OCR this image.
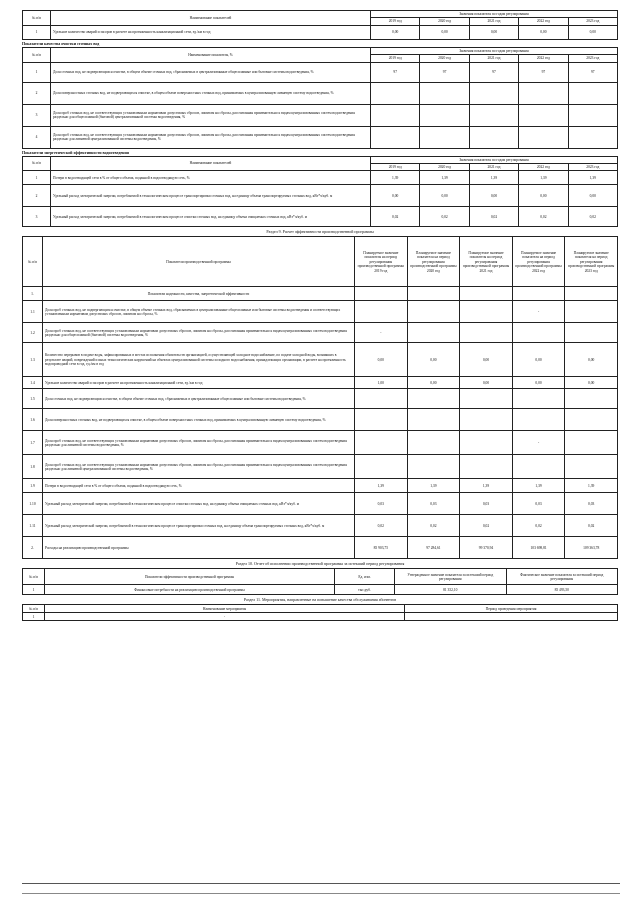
№ п/п	Наименование показателей	Значения показателя по годам регулирования				
		2019 год	2020 год	2021 год	2022 год	2023 год
1	Удельное количество аварий и засоров в расчете на протяженность канализационной сети, ед./км в год	0,00	0,00	0,00	0,00	0,00
Показатели качества очистки сточных вод
№ п/п	Наименование показателя, %	Значения показателя по годам регулирования				
		2019 год	2020 год	2021 год	2022 год	2023 год
1	Доля сточных вод, не подвергающихся очистке, в общем объеме сточных вод, сбрасываемых в централизованные общесплавные или бытовые системы водоотведения, %	97	97	97	97	97
2	Доля поверхностных сточных вод, не подвергающихся очистке, в общем объеме поверхностных сточных вод, принимаемых в централизованную ливневую систему водоотведения, %					
3	Доля проб сточных вод, не соответствующих установленным нормативам допустимых сбросов, лимитам на сбросы, рассчитанная применительно к видам централизованных систем водоотведения раздельно для общесплавной (бытовой) централизованной системы водоотведения, %					
4	Доля проб сточных вод, не соответствующих установленным нормативам допустимых сбросов, лимитам на сбросы, рассчитанная применительно к видам централизованных систем водоотведения раздельно для ливневой централизованной системы водоотведения, %					
Показатели энергетической эффективности водоотведения
№ п/п	Наименование показателей	Значения показателя по годам регулирования				
		2019 год	2020 год	2021 год	2022 год	2023 год
1	Потери в водоотводящей сети в % от общего объема, поданной в водоотводящую сеть, %	1,39	1,39	1,39	1,39	1,39
2	Удельный расход электрической энергии, потребляемой в технологическом процессе транспортировки сточных вод, на единицу объема транспортируемых сточных вод, кВт*ч/куб. м	0,00	0,00	0,00	0,00	0,00
3	Удельный расход электрической энергии, потребляемой в технологическом процессе очистки сточных вод, на единицу объема очищаемых сточных вод, кВт*ч/куб. м	0,02	0,02	0,02	0,02	0,02
Раздел 9. Расчет эффективности производственной программы
№ п/п	Показатели производственной программы	Планируемое значение показателя на период регулирования производственной программы 2019 год	Планируемое значение показателя на период регулирования производственной программы 2020 год	Планируемое значение показателя на период регулирования производственной программы 2021 год	Планируемое значение показателя на период регулирования производственной программы 2022 год	Планируемое значение показателя на период регулирования производственной программы 2023 год
1.	Показатели надежности, качества, энергетической эффективности					
1.1	Доля проб сточных вод, не подвергающихся очистке, в общем объеме сточных вод, сбрасываемых в централизованные общесплавные или бытовые системы водоотведения и соответствующих установленным нормативам допустимых сбросов, лимитам на сбросы, %				-	
1.2	Доля проб сточных вод, не соответствующих установленным нормативам допустимых сбросов, лимитам на сбросы, рассчитанная применительно к видам централизованных систем водоотведения раздельно для общесплавной (бытовой) системы водоотведения, %	-				
1.3	Количество перерывов в подаче воды, зафиксированных в местах исполнения обязательств организацией, осуществляющей холодное водоснабжение, по подаче холодной воды, возникших в результате аварий, повреждений и иных технологических нарушений на объектах централизованной системы холодного водоснабжения, принадлежащих организации, в расчете на протяженность водопроводной сети в год, ед./км в год	0,00	0,00	0,00	0,00	0,00
1.4	Удельное количество аварий и засоров в расчете на протяженность канализационной сети, ед./км в год	1,00	0,00	0,00	0,00	0,00
1.5	Доля сточных вод, не подвергающихся очистке, в общем объеме сточных вод, сбрасываемых в централизованные общесплавные или бытовые системы водоотведения, %					
1.6	Доля поверхностных сточных вод, не подвергающихся очистке, в общем объеме поверхностных сточных вод, принимаемых в централизованную ливневую систему водоотведения, %					
1.7	Доля проб сточных вод, не соответствующих установленным нормативам допустимых сбросов, лимитам на сбросы, рассчитанная применительно к видам централизованных систем водоотведения раздельно для ливневой системы водоотведения, %				-	
1.8	Доля проб сточных вод, не соответствующих установленным нормативам допустимых сбросов, лимитам на сбросы, рассчитанная применительно к видам централизованных систем водоотведения раздельно для ливневой централизованной системы водоотведения, %					
1.9	Потери в водоотводящей сети в % от общего объема, поданной в водоотводящую сеть, %	1,39	1,39	1,39	1,39	1,39
1.10	Удельный расход электрической энергии, потребляемой в технологическом процессе очистки сточных вод, на единицу объема очищаемых сточных вод, кВт*ч/куб. м	0,03	0,03	0,03	0,03	0,03
1.11	Удельный расход электрической энергии, потребляемой в технологическом процессе транспортировки сточных вод, на единицу объема транспортируемых сточных вод, кВт*ч/куб. м	0,02	0,02	0,02	0,02	0,02
2.	Расходы на реализацию производственной программы	85 903,75	97 284,61	99 370,94	103 698,81	109 363,78
Раздел 10. Отчет об исполнении производственной программы за истекший период регулирования
№ п/п	Показатели эффективности производственной программы	Ед. изм.	Утвержденное значение показателя за истекший период регулирования	Фактическое значение показателя за истекший период регулирования
1	Финансовые потребности на реализацию производственной программы	тыс.руб.	81 352,10	85 493,50
Раздел 11. Мероприятия, направленные на повышение качества обслуживания абонентов
№ п/п	Наименование мероприятия	Период проведения мероприятия
1	-	
